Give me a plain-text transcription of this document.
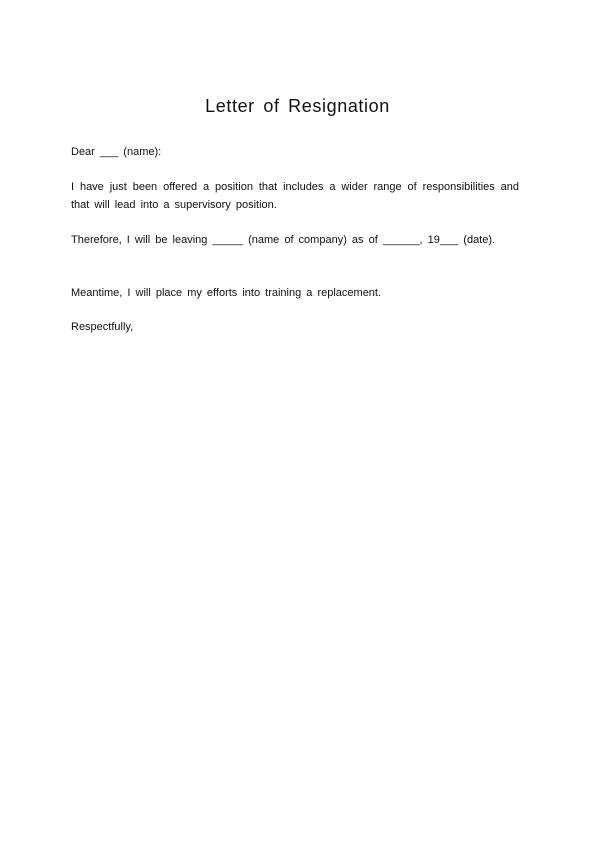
Letter of Resignation

Dear ___ (name):

I have just been offered a position that includes a wider range of responsibilities and that will lead into a supervisory position.

Therefore, I will be leaving _____ (name of company) as of ______, 19___ (date).

Meantime, I will place my efforts into training a replacement.

Respectfully,
